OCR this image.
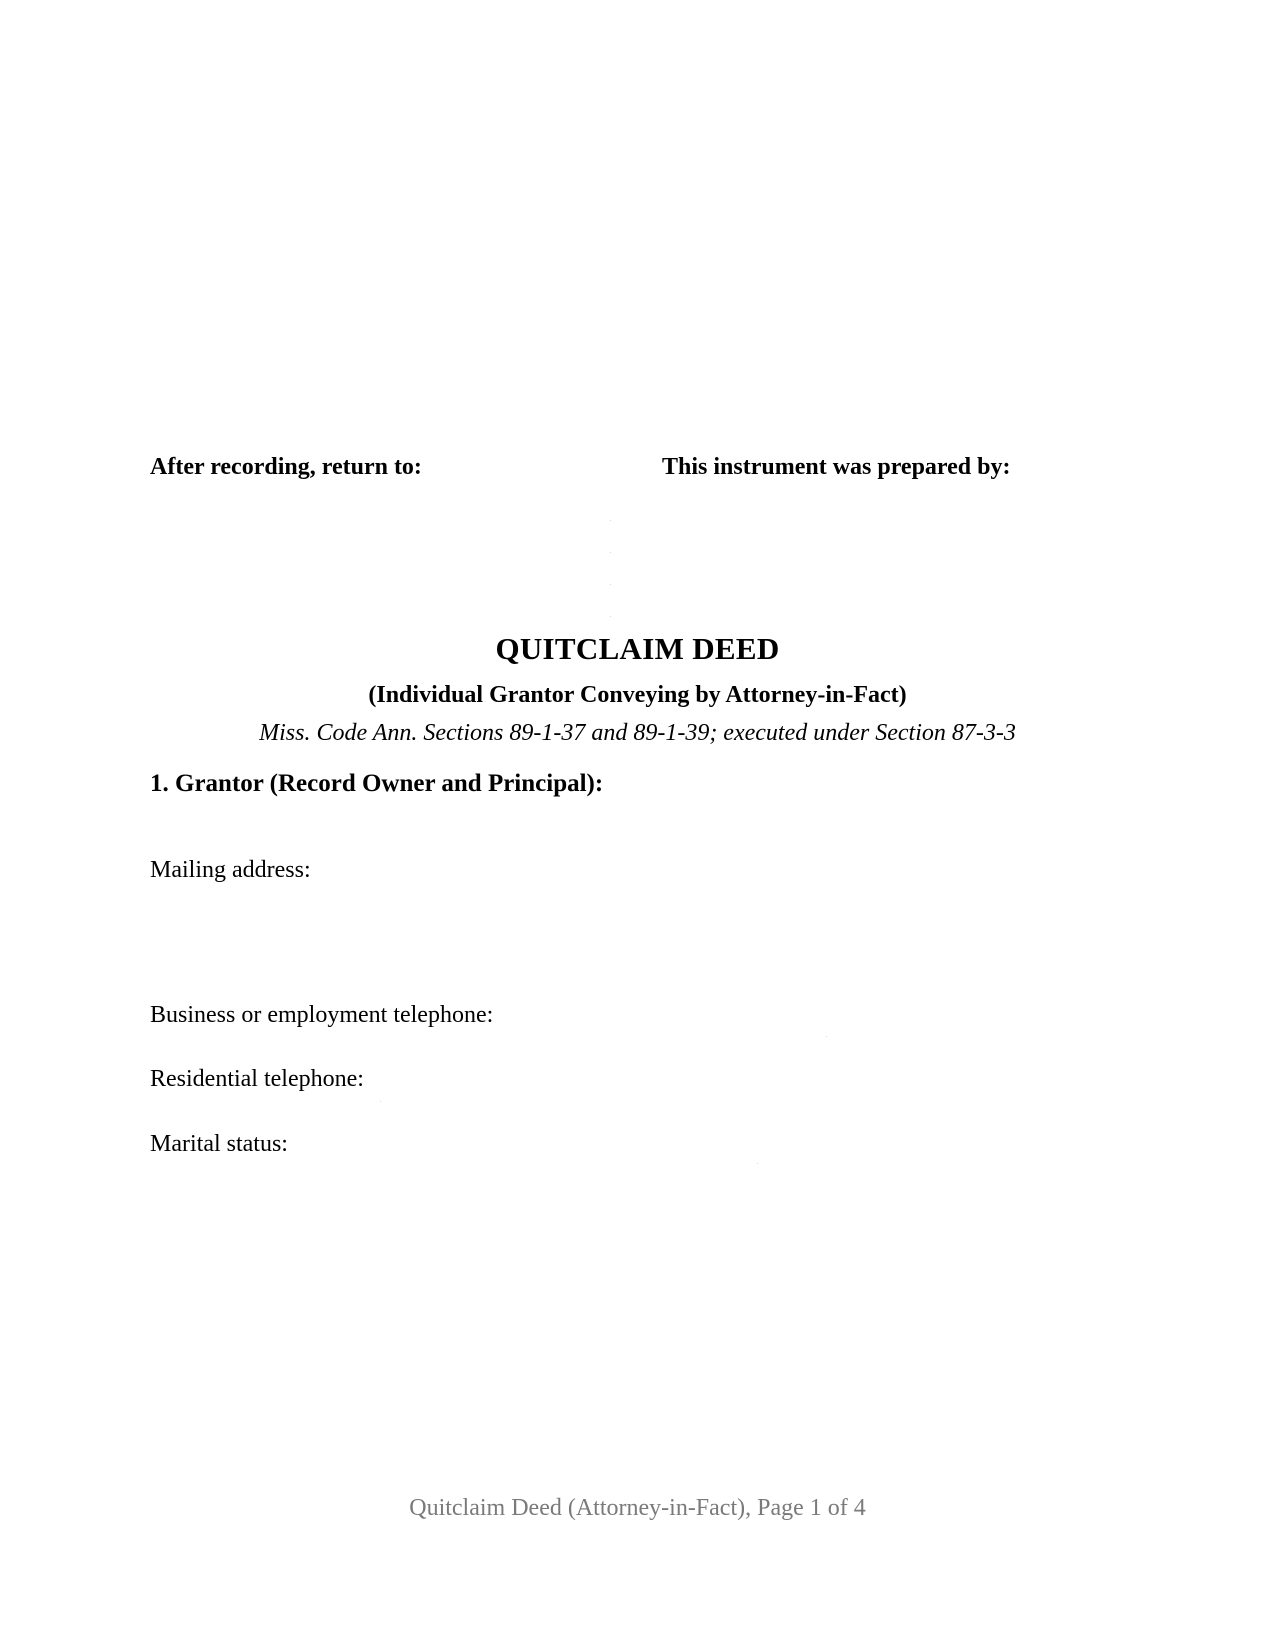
After recording, return to:	This instrument was prepared by:
QUITCLAIM DEED
(Individual Grantor Conveying by Attorney-in-Fact)
Miss. Code Ann. Sections 89-1-37 and 89-1-39; executed under Section 87-3-3
1. Grantor (Record Owner and Principal):
Mailing address:
Business or employment telephone:
Residential telephone:
Marital status:
Quitclaim Deed (Attorney-in-Fact), Page 1 of 4
